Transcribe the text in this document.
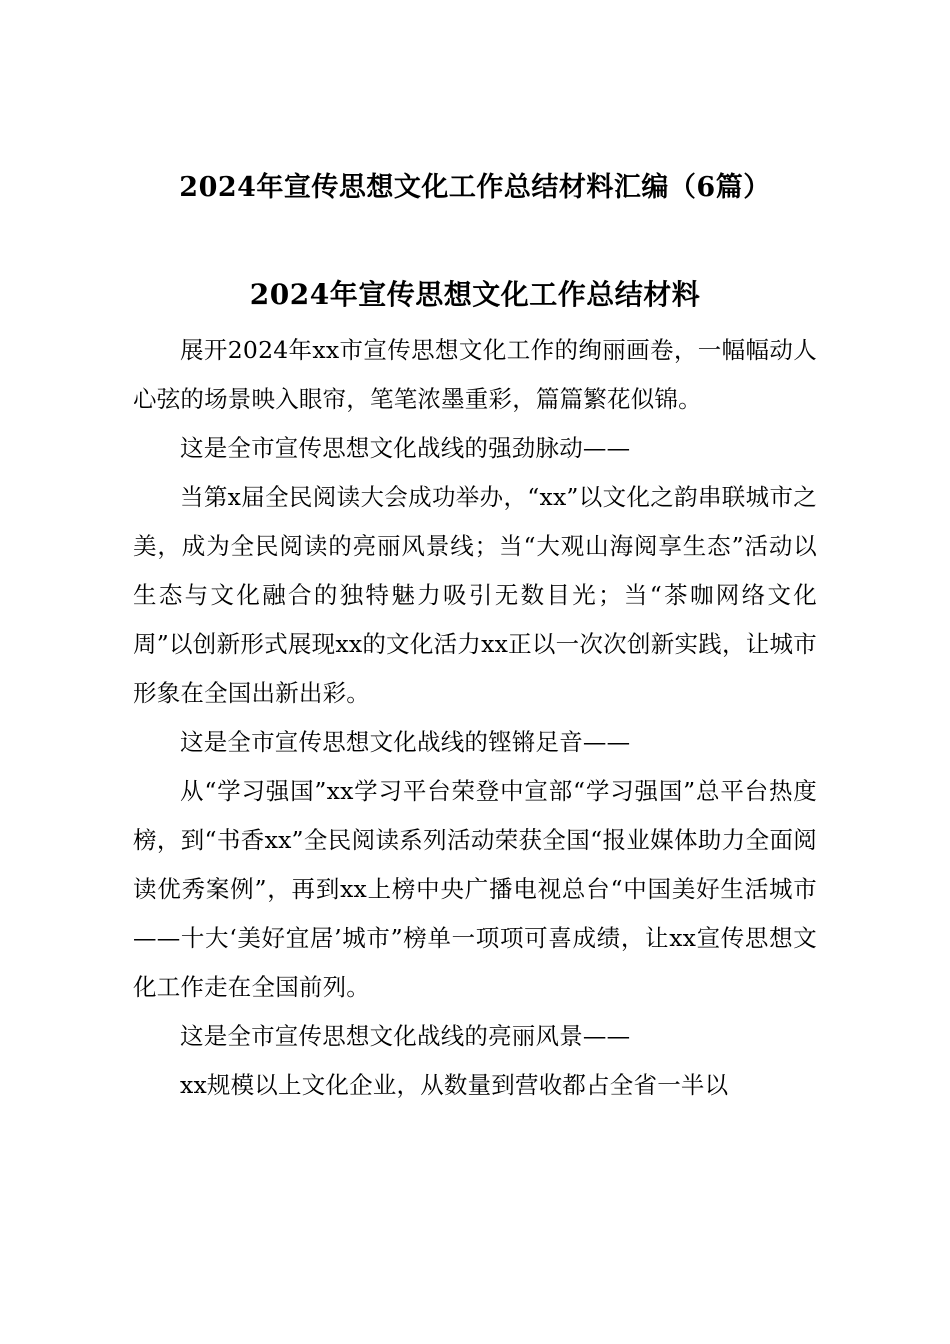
2024年宣传思想文化工作总结材料汇编（6篇）
2024年宣传思想文化工作总结材料

展开2024年xx市宣传思想文化工作的绚丽画卷，一幅幅动人心弦的场景映入眼帘，笔笔浓墨重彩，篇篇繁花似锦。

这是全市宣传思想文化战线的强劲脉动——

当第x届全民阅读大会成功举办，“xx”以文化之韵串联城市之美，成为全民阅读的亮丽风景线；当“大观山海阅享生态”活动以生态与文化融合的独特魅力吸引无数目光；当“茶咖网络文化周”以创新形式展现xx的文化活力xx正以一次次创新实践，让城市形象在全国出新出彩。

这是全市宣传思想文化战线的铿锵足音——

从“学习强国”xx学习平台荣登中宣部“学习强国”总平台热度榜，到“书香xx”全民阅读系列活动荣获全国“报业媒体助力全面阅读优秀案例”，再到xx上榜中央广播电视总台“中国美好生活城市——十大‘美好宜居’城市”榜单一项项可喜成绩，让xx宣传思想文化工作走在全国前列。

这是全市宣传思想文化战线的亮丽风景——

xx规模以上文化企业，从数量到营收都占全省一半以
